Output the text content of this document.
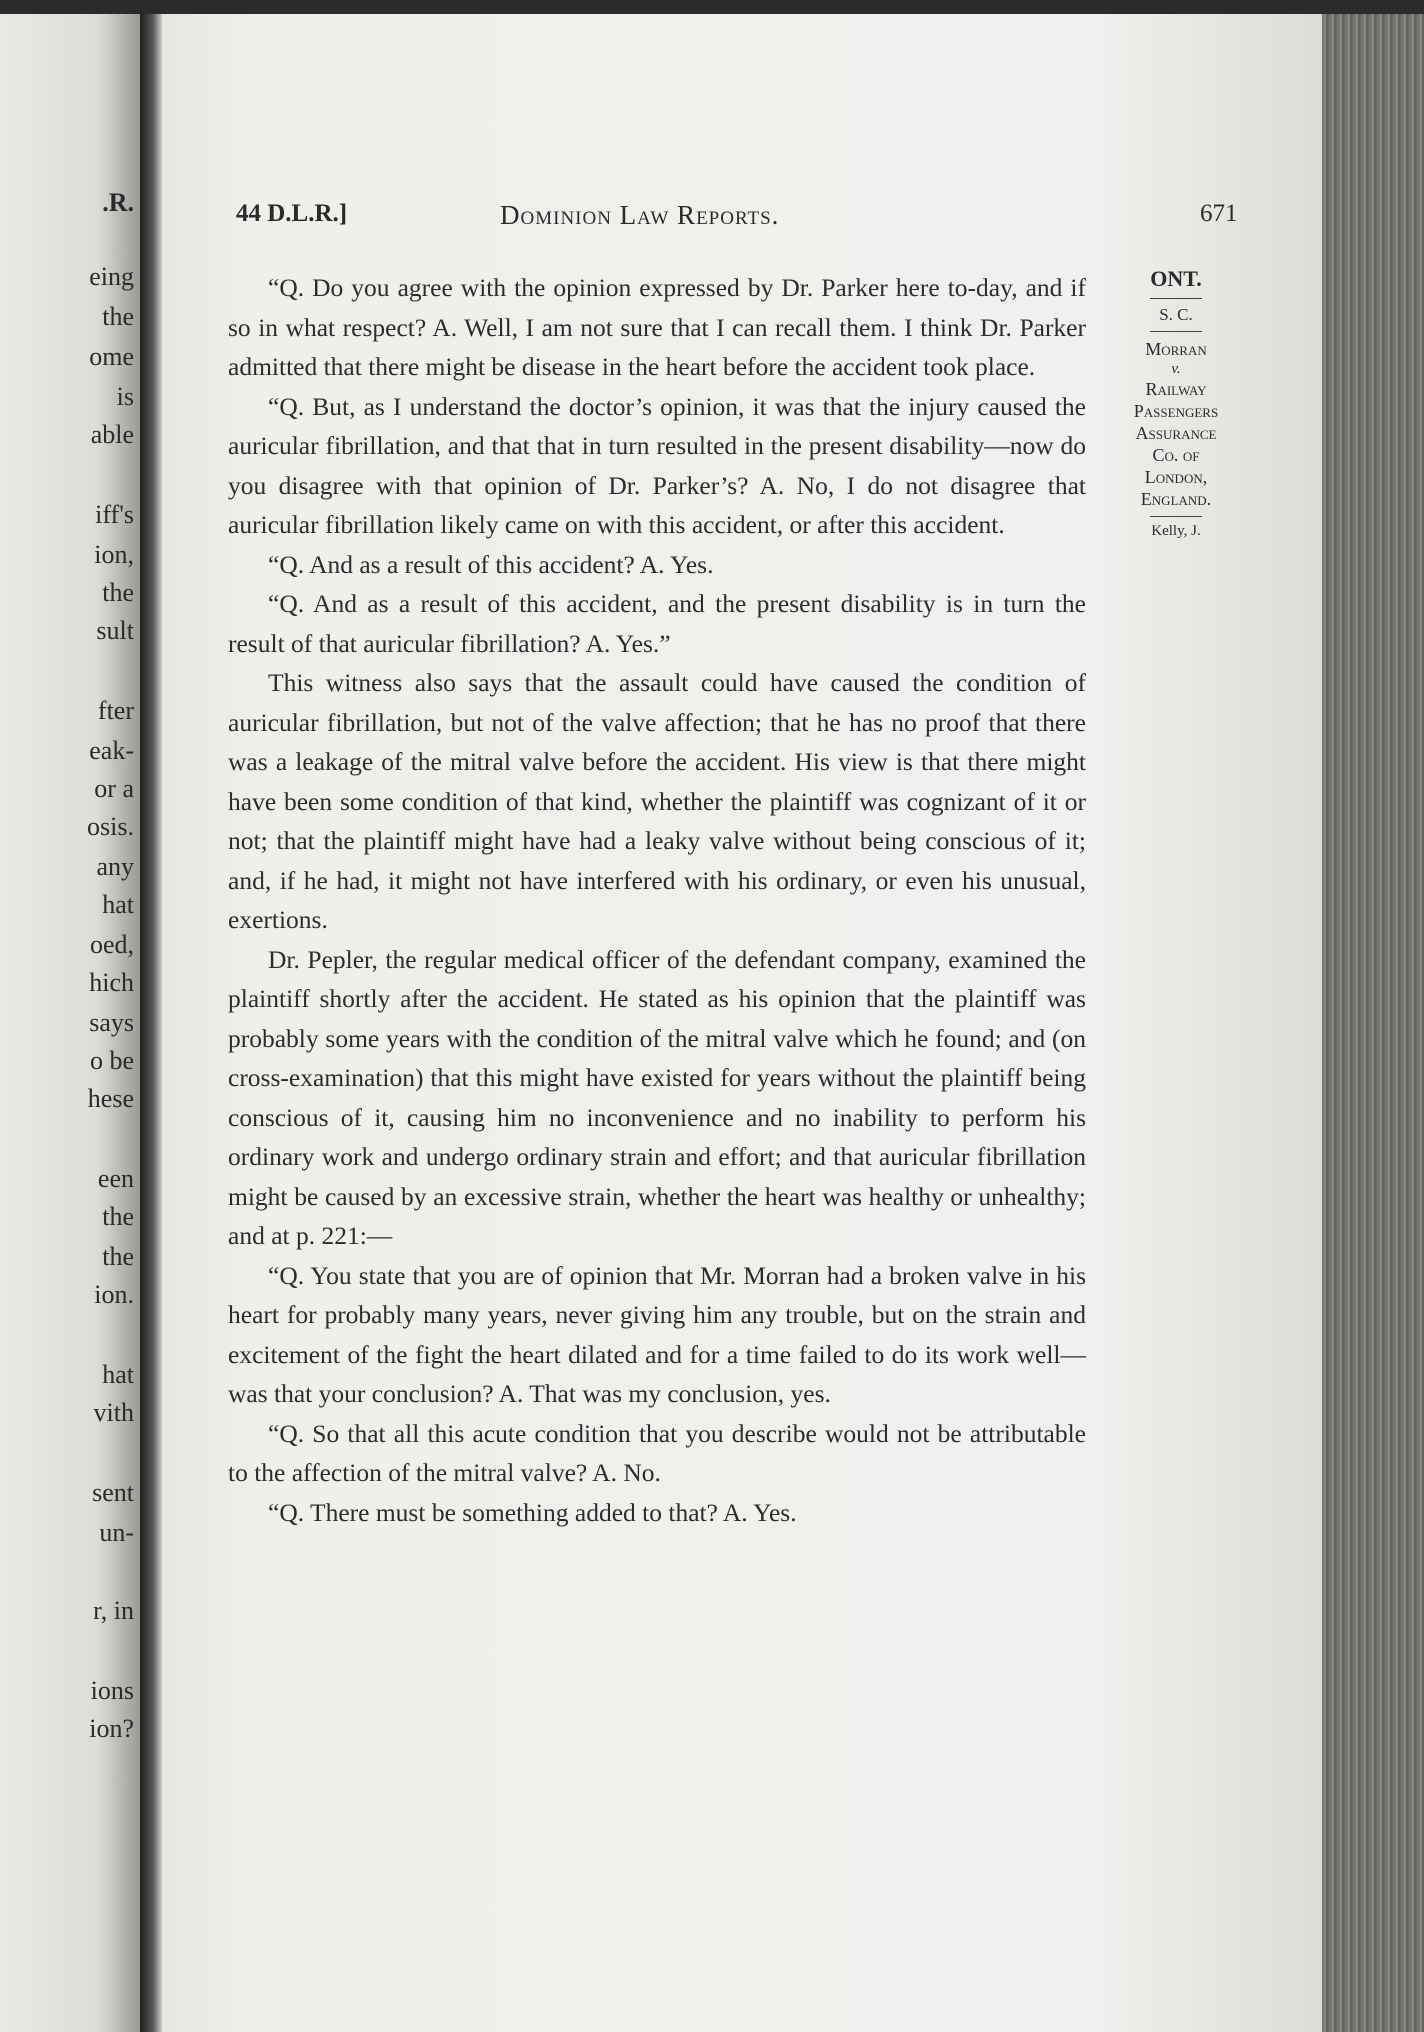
.R.
eing
the
ome
is
able
iff's
ion,
the
sult
fter
eak-
or a
osis.
any
hat
oed,
hich
says
o be
hese
een
the
the
ion.
hat
vith
sent
un-
r, in
ions
ion?
44 D.L.R.]	Dominion Law Reports.	671
ONT.
S. C.
Morran
v.
Railway
Passengers
Assurance
Co. of
London,
England.
Kelly, J.

“Q. Do you agree with the opinion expressed by Dr. Parker here to-day, and if so in what respect? A. Well, I am not sure that I can recall them. I think Dr. Parker admitted that there might be disease in the heart before the accident took place.

“Q. But, as I understand the doctor’s opinion, it was that the injury caused the auricular fibrillation, and that that in turn resulted in the present disability—now do you disagree with that opinion of Dr. Parker’s? A. No, I do not disagree that auricular fibrillation likely came on with this accident, or after this accident.

“Q. And as a result of this accident? A. Yes.

“Q. And as a result of this accident, and the present disability is in turn the result of that auricular fibrillation? A. Yes.”

This witness also says that the assault could have caused the condition of auricular fibrillation, but not of the valve affection; that he has no proof that there was a leakage of the mitral valve before the accident. His view is that there might have been some condition of that kind, whether the plaintiff was cognizant of it or not; that the plaintiff might have had a leaky valve without being conscious of it; and, if he had, it might not have interfered with his ordinary, or even his unusual, exertions.

Dr. Pepler, the regular medical officer of the defendant company, examined the plaintiff shortly after the accident. He stated as his opinion that the plaintiff was probably some years with the condition of the mitral valve which he found; and (on cross-examination) that this might have existed for years without the plaintiff being conscious of it, causing him no inconvenience and no inability to perform his ordinary work and undergo ordinary strain and effort; and that auricular fibrillation might be caused by an excessive strain, whether the heart was healthy or unhealthy; and at p. 221:—

“Q. You state that you are of opinion that Mr. Morran had a broken valve in his heart for probably many years, never giving him any trouble, but on the strain and excitement of the fight the heart dilated and for a time failed to do its work well—was that your conclusion? A. That was my conclusion, yes.

“Q. So that all this acute condition that you describe would not be attributable to the affection of the mitral valve? A. No.

“Q. There must be something added to that? A. Yes.
